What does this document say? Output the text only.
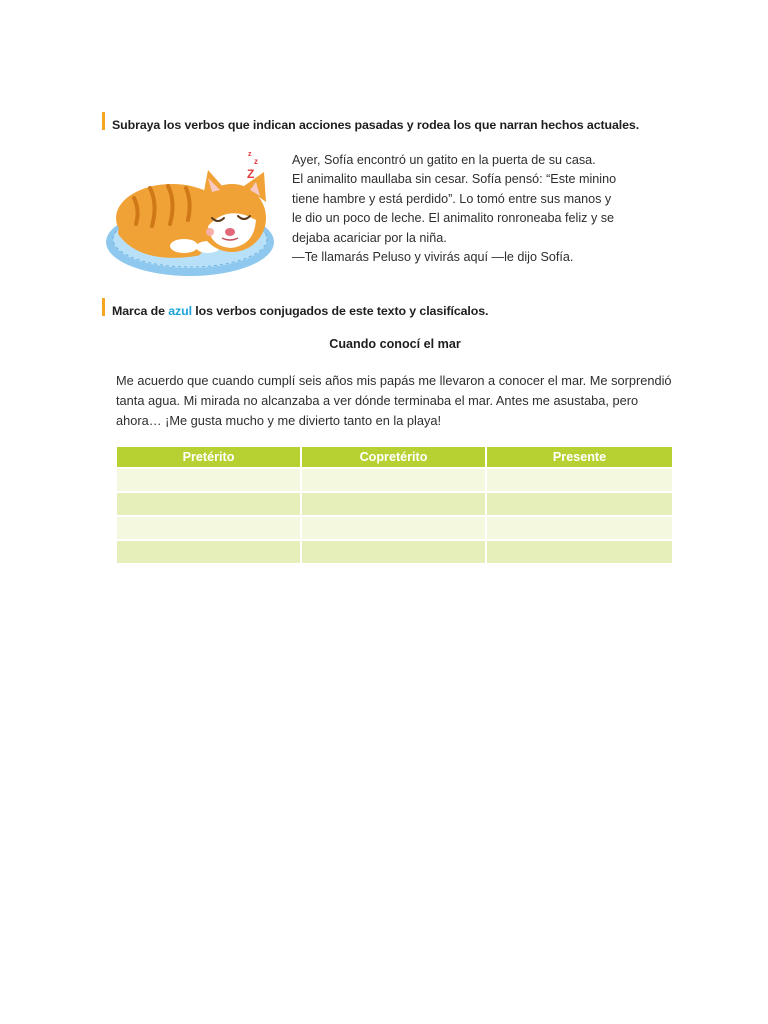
Subraya los verbos que indican acciones pasadas y rodea los que narran hechos actuales.
z z Z

Ayer, Sofía encontró un gatito en la puerta de su casa.

El animalito maullaba sin cesar. Sofía pensó: “Este minino

tiene hambre y está perdido”. Lo tomó entre sus manos y

le dio un poco de leche. El animalito ronroneaba feliz y se

dejaba acariciar por la niña.

—Te llamarás Peluso y vivirás aquí —le dijo Sofía.

Marca de azul los verbos conjugados de este texto y clasifícalos.
Cuando conocí el mar
Me acuerdo que cuando cumplí seis años mis papás me llevaron a conocer el mar. Me sorprendió tanta agua. Mi mirada no alcanzaba a ver dónde terminaba el mar. Antes me asustaba, pero ahora… ¡Me gusta mucho y me divierto tanto en la playa!
Pretérito	Copretérito	Presente
